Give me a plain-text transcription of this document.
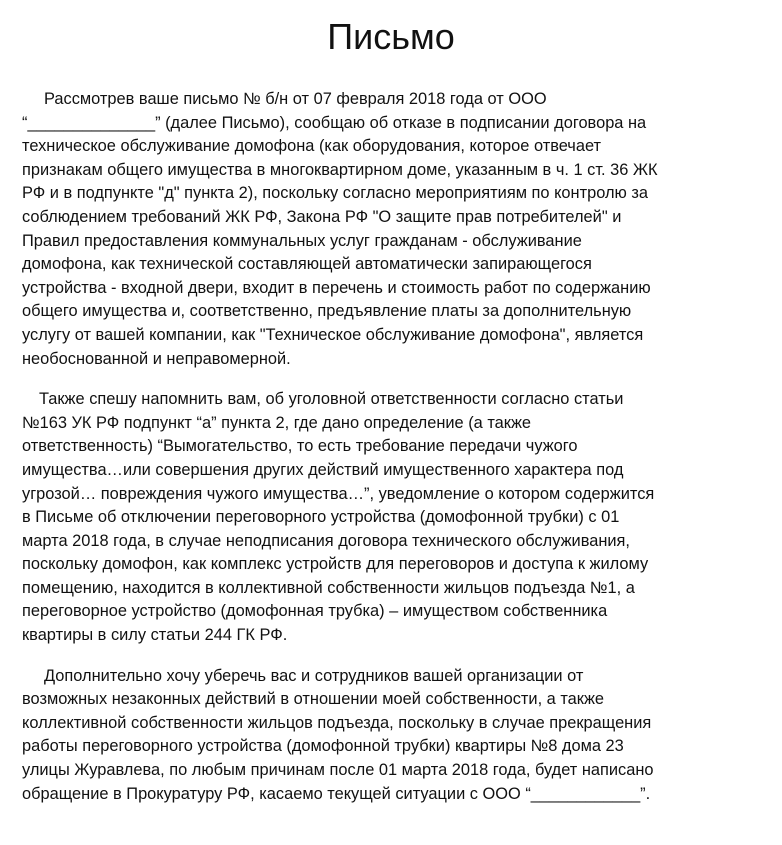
Письмо

Рассмотрев ваше письмо № б/н от 07 февраля 2018 года от ООО
“______________” (далее Письмо), сообщаю об отказе в подписании договора на
техническое обслуживание домофона (как оборудования, которое отвечает
признакам общего имущества в многоквартирном доме, указанным в ч. 1 ст. 36 ЖК
РФ и в подпункте "д" пункта 2), поскольку согласно мероприятиям по контролю за
соблюдением требований ЖК РФ, Закона РФ "О защите прав потребителей" и
Правил предоставления коммунальных услуг гражданам - обслуживание
домофона, как технической составляющей автоматически запирающегося
устройства - входной двери, входит в перечень и стоимость работ по содержанию
общего имущества и, соответственно, предъявление платы за дополнительную
услугу от вашей компании, как "Техническое обслуживание домофона", является
необоснованной и неправомерной.

Также спешу напомнить вам, об уголовной ответственности согласно статьи
№163 УК РФ подпункт “а” пункта 2, где дано определение (а также
ответственность) “Вымогательство, то есть требование передачи чужого
имущества…или совершения других действий имущественного характера под
угрозой… повреждения чужого имущества…”, уведомление о котором содержится
в Письме об отключении переговорного устройства (домофонной трубки) с 01
марта 2018 года, в случае неподписания договора технического обслуживания,
поскольку домофон, как комплекс устройств для переговоров и доступа к жилому
помещению, находится в коллективной собственности жильцов подъезда №1, а
переговорное устройство (домофонная трубка) – имуществом собственника
квартиры в силу статьи 244 ГК РФ.

Дополнительно хочу уберечь вас и сотрудников вашей организации от
возможных незаконных действий в отношении моей собственности, а также
коллективной собственности жильцов подъезда, поскольку в случае прекращения
работы переговорного устройства (домофонной трубки) квартиры №8 дома 23
улицы Журавлева, по любым причинам после 01 марта 2018 года, будет написано
обращение в Прокуратуру РФ, касаемо текущей ситуации с ООО “____________”.
